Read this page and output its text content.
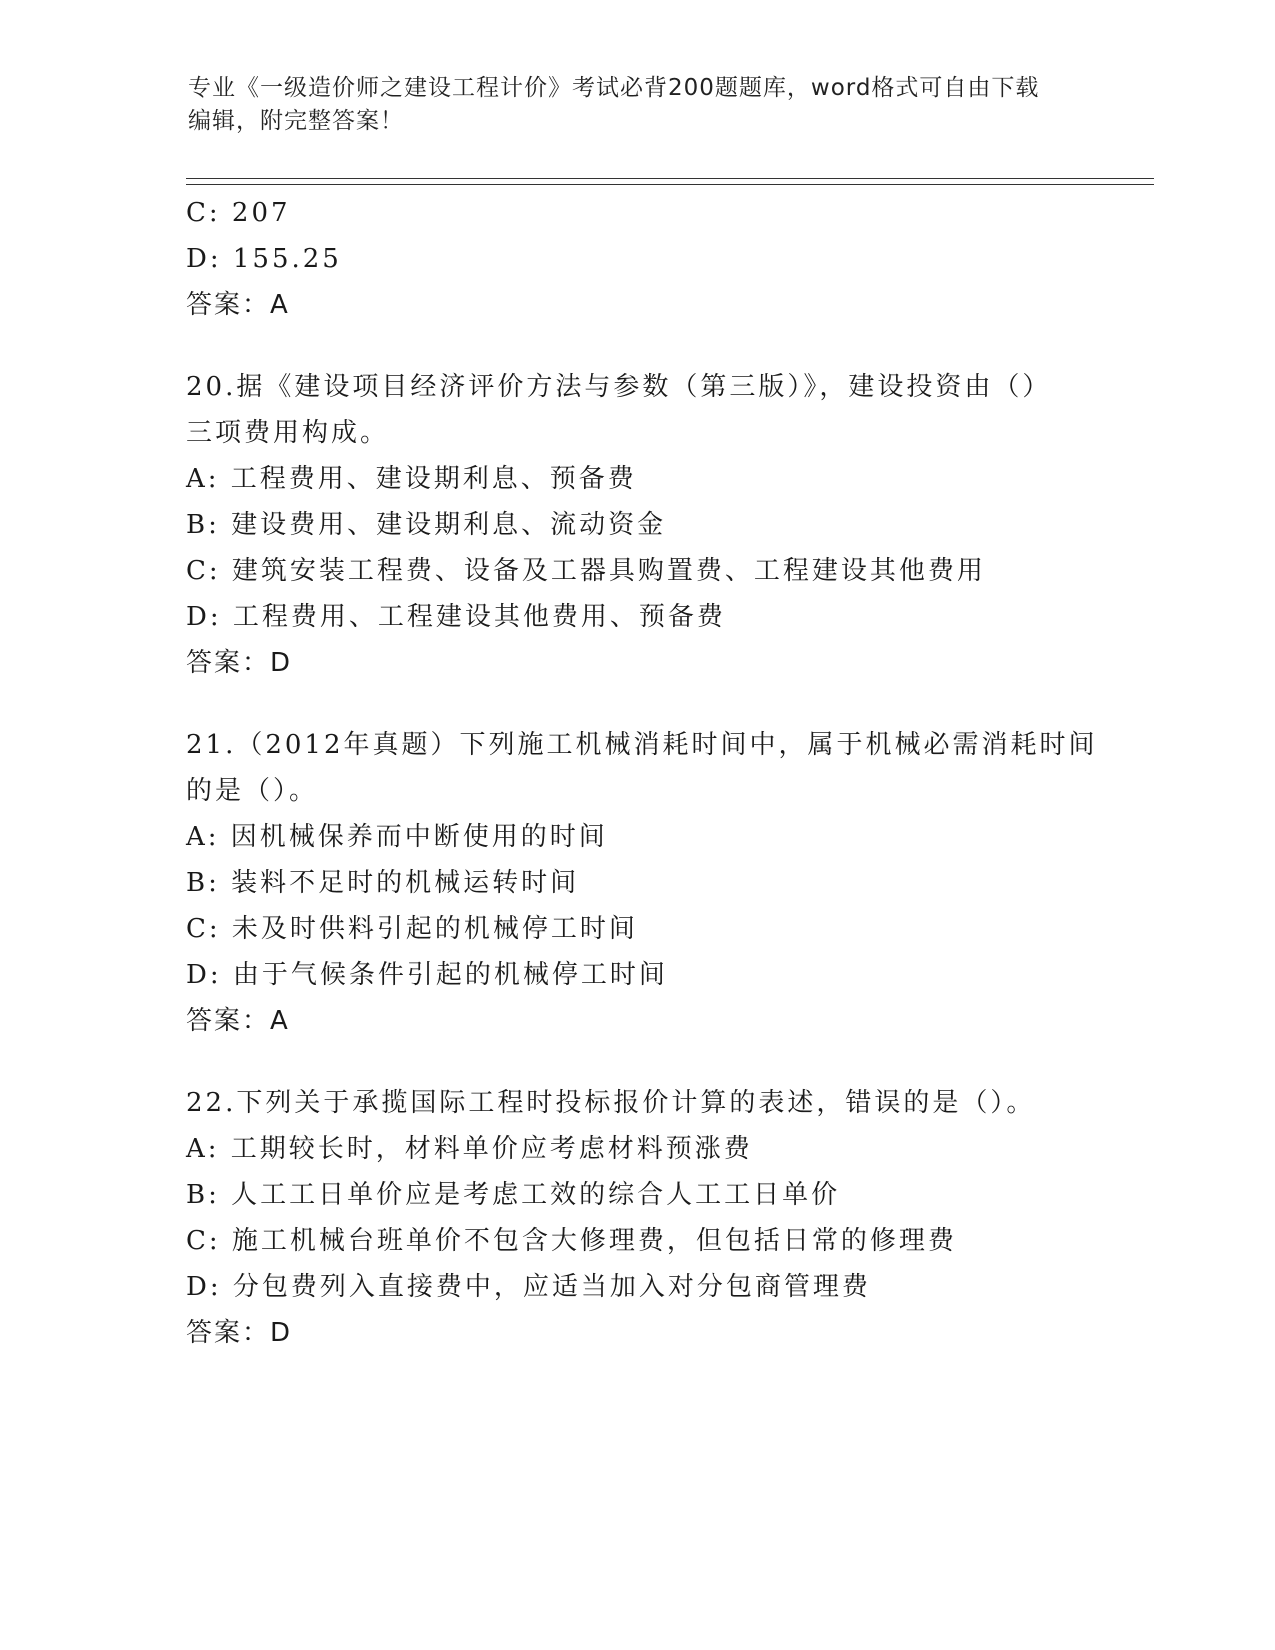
专业《一级造价师之建设工程计价》考试必背200题题库，word格式可自由下载
编辑，附完整答案！
C: 207
D: 155.25
答案：A
20.据《建设项目经济评价方法与参数（第三版）》，建设投资由（）
三项费用构成。
A: 工程费用、建设期利息、预备费
B: 建设费用、建设期利息、流动资金
C: 建筑安装工程费、设备及工器具购置费、工程建设其他费用
D: 工程费用、工程建设其他费用、预备费
答案：D
21.（2012年真题）下列施工机械消耗时间中，属于机械必需消耗时间
的是（）。
A: 因机械保养而中断使用的时间
B: 装料不足时的机械运转时间
C: 未及时供料引起的机械停工时间
D: 由于气候条件引起的机械停工时间
答案：A
22.下列关于承揽国际工程时投标报价计算的表述，错误的是（）。
A: 工期较长时，材料单价应考虑材料预涨费
B: 人工工日单价应是考虑工效的综合人工工日单价
C: 施工机械台班单价不包含大修理费，但包括日常的修理费
D: 分包费列入直接费中，应适当加入对分包商管理费
答案：D
